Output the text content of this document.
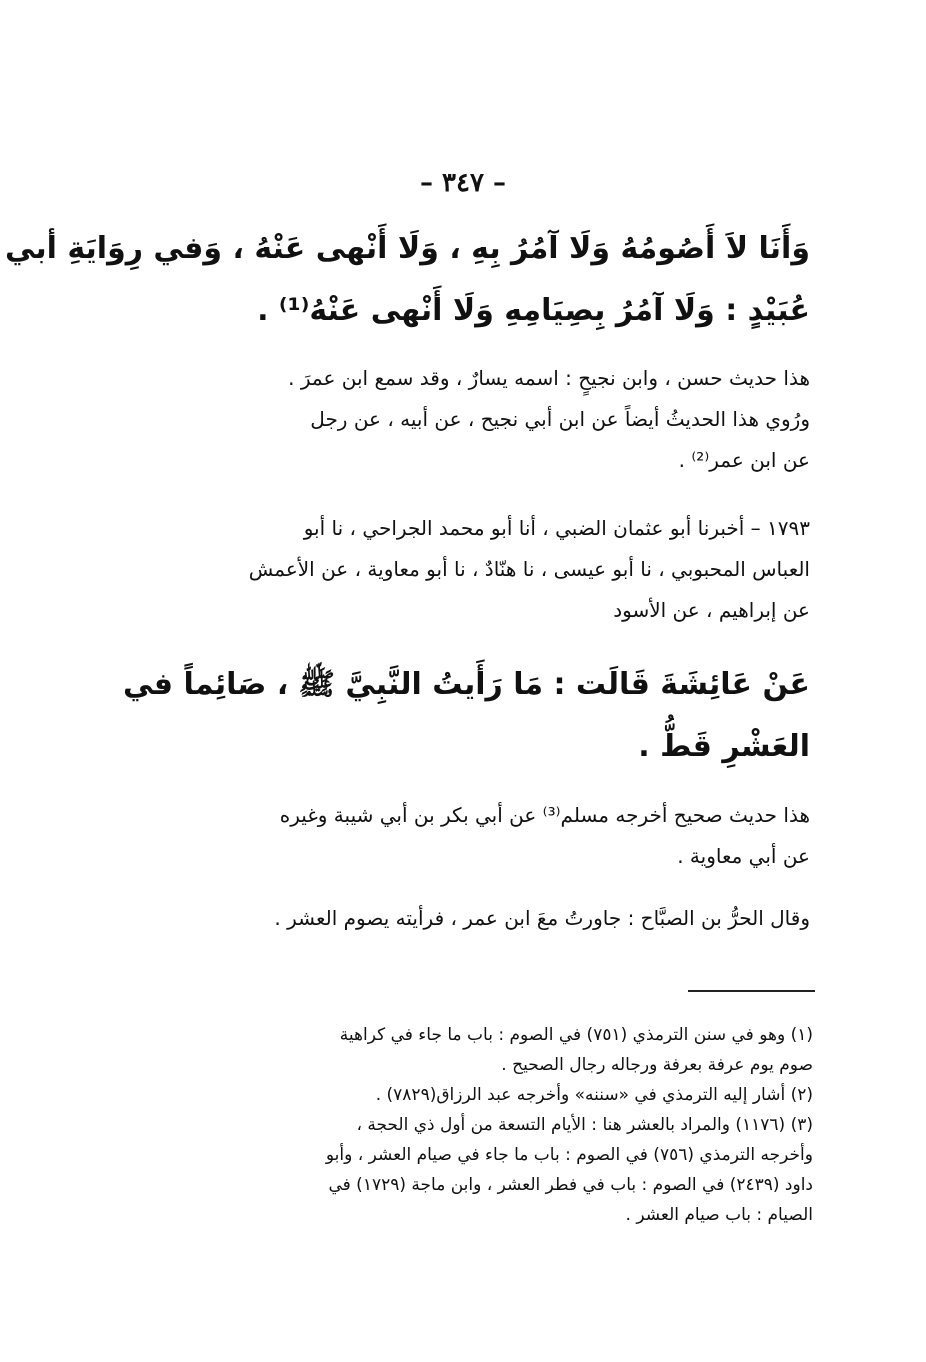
– ٣٤٧ –
وَأَنَا لاَ أَصُومُهُ وَلَا آمُرُ بِهِ ، وَلَا أَنْهى عَنْهُ ، وَفي رِوَايَةِ أبي
عُبَيْدٍ : وَلَا آمُرُ بِصِيَامِهِ وَلَا أَنْهى عَنْهُ⁽¹⁾ .
هذا حديث حسن ، وابن نجيحٍ : اسمه يسارٌ ، وقد سمع ابن عمرَ .
ورُوي هذا الحديثُ أيضاً عن ابن أبي نجيح ، عن أبيه ، عن رجل
عن ابن عمر⁽²⁾ .
١٧٩٣ – أخبرنا أبو عثمان الضبي ، أنا أبو محمد الجراحي ، نا أبو
العباس المحبوبي ، نا أبو عيسى ، نا هنّادٌ ، نا أبو معاوية ، عن الأعمش
عن إبراهيم ، عن الأسود
عَنْ عَائِشَةَ قَالَت : مَا رَأَيتُ النَّبِيَّ ﷺ ، صَائِماً في
العَشْرِ قَطُّ .
هذا حديث صحيح أخرجه مسلم⁽³⁾ عن أبي بكر بن أبي شيبة وغيره
عن أبي معاوية .
وقال الحرُّ بن الصبَّاح : جاورتُ معَ ابن عمر ، فرأيته يصوم العشر .
(١) وهو في سنن الترمذي (٧٥١) في الصوم : باب ما جاء في كراهية
صوم يوم عرفة بعرفة ورجاله رجال الصحيح .
(٢) أشار إليه الترمذي في «سننه» وأخرجه عبد الرزاق(٧٨٢٩) .
(٣) (١١٧٦) والمراد بالعشر هنا : الأيام التسعة من أول ذي الحجة ،
وأخرجه الترمذي (٧٥٦) في الصوم : باب ما جاء في صيام العشر ، وأبو
داود (٢٤٣٩) في الصوم : باب في فطر العشر ، وابن ماجة (١٧٢٩) في
الصيام : باب صيام العشر .
